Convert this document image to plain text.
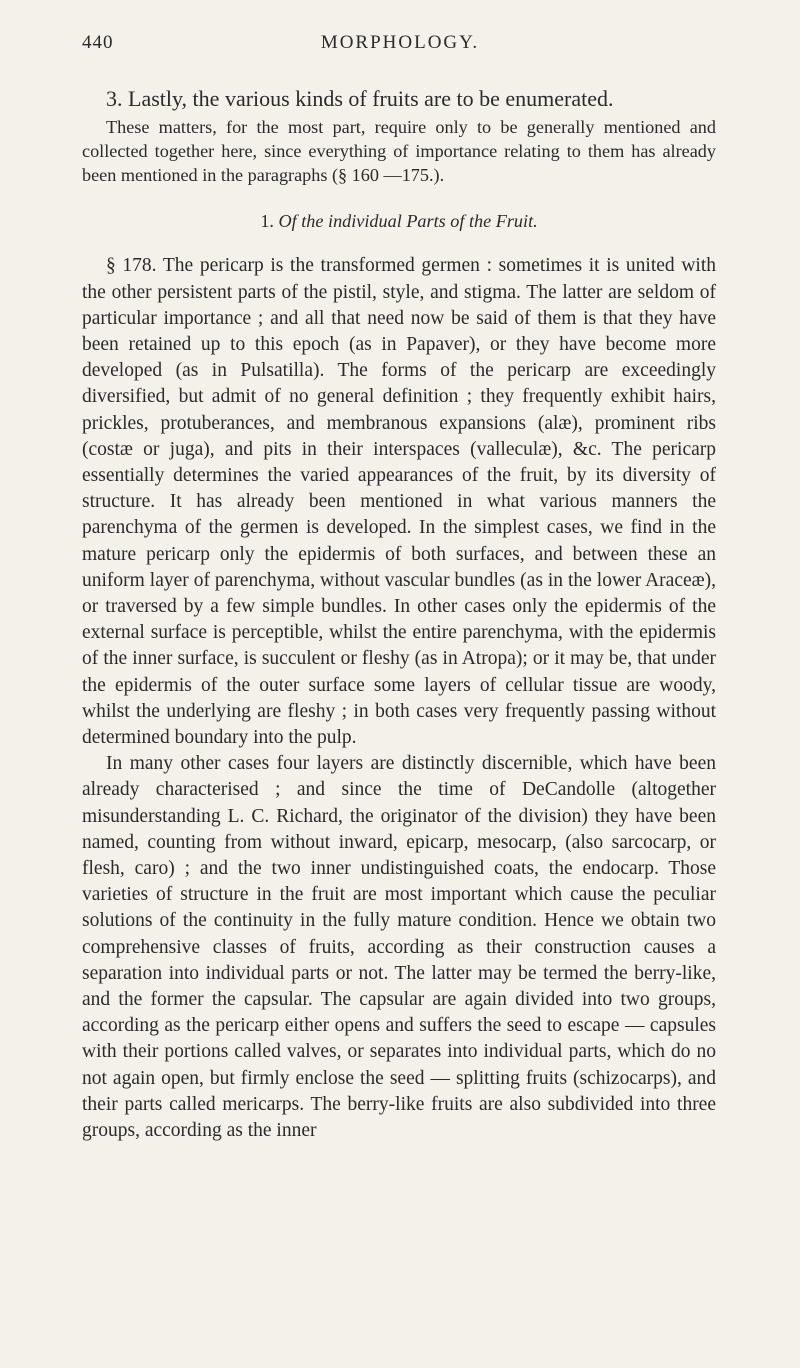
440	MORPHOLOGY.

3. Lastly, the various kinds of fruits are to be enumerated.

These matters, for the most part, require only to be generally mentioned and collected together here, since everything of importance relating to them has already been mentioned in the paragraphs (§ 160 —175.).

1. Of the individual Parts of the Fruit.

§ 178. The pericarp is the transformed germen : sometimes it is united with the other persistent parts of the pistil, style, and stigma. The latter are seldom of particular importance ; and all that need now be said of them is that they have been retained up to this epoch (as in Papaver), or they have become more developed (as in Pulsatilla). The forms of the pericarp are exceedingly diversified, but admit of no general definition ; they frequently exhibit hairs, prickles, protuberances, and membranous expansions (alæ), prominent ribs (costæ or juga), and pits in their interspaces (valleculæ), &c. The pericarp essentially determines the varied appearances of the fruit, by its diversity of structure. It has already been mentioned in what various manners the parenchyma of the germen is developed. In the simplest cases, we find in the mature pericarp only the epidermis of both surfaces, and between these an uniform layer of parenchyma, without vascular bundles (as in the lower Araceæ), or traversed by a few simple bundles. In other cases only the epidermis of the external surface is perceptible, whilst the entire parenchyma, with the epidermis of the inner surface, is succulent or fleshy (as in Atropa); or it may be, that under the epidermis of the outer surface some layers of cellular tissue are woody, whilst the underlying are fleshy ; in both cases very frequently passing without determined boundary into the pulp.

In many other cases four layers are distinctly discernible, which have been already characterised ; and since the time of DeCandolle (altogether misunderstanding L. C. Richard, the originator of the division) they have been named, counting from without inward, epicarp, mesocarp, (also sarcocarp, or flesh, caro) ; and the two inner undistinguished coats, the endocarp. Those varieties of structure in the fruit are most important which cause the peculiar solutions of the continuity in the fully mature condition. Hence we obtain two comprehensive classes of fruits, according as their construction causes a separation into individual parts or not. The latter may be termed the berry-like, and the former the capsular. The capsular are again divided into two groups, according as the pericarp either opens and suffers the seed to escape — capsules with their portions called valves, or separates into individual parts, which do no not again open, but firmly enclose the seed — splitting fruits (schizocarps), and their parts called mericarps. The berry-like fruits are also subdivided into three groups, according as the inner
